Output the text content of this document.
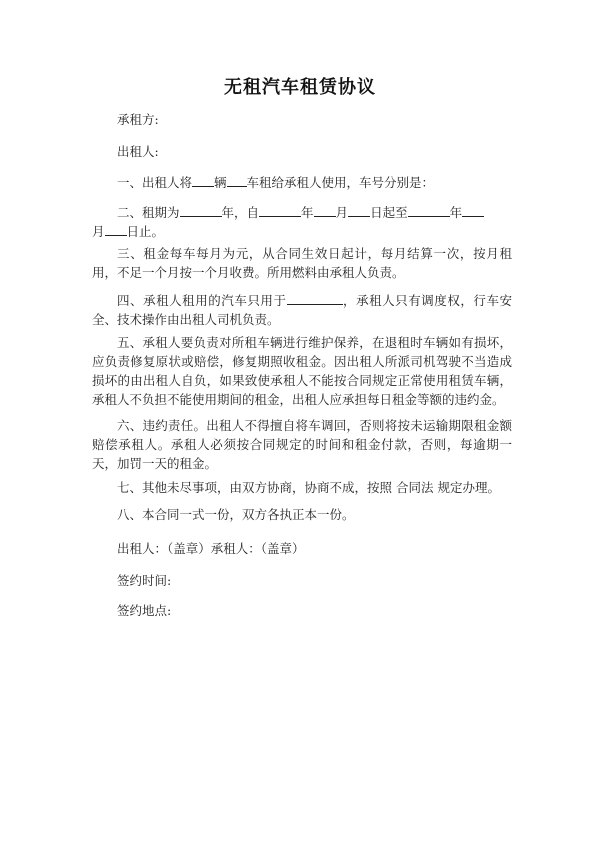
无租汽车租赁协议

承租方:

出租人:

一、出租人将 辆 车租给承租人使用，车号分别是：

二、租期为	年，自	年 月 日起至	年
月 日止。

三、租金每车每月为元，从合同生效日起计，每月结算一次，按月租用，不足一个月按一个月收费。所用燃料由承租人负责。

四、承租人租用的汽车只用于	，承租人只有调度权，行车安全、技术操作由出租人司机负责。

五、承租人要负责对所租车辆进行维护保养，在退租时车辆如有损坏，应负责修复原状或赔偿，修复期照收租金。因出租人所派司机驾驶不当造成损坏的由出租人自负，如果致使承租人不能按合同规定正常使用租赁车辆，承租人不负担不能使用期间的租金，出租人应承担每日租金等额的违约金。

六、违约责任。出租人不得擅自将车调回，否则将按未运输期限租金额赔偿承租人。承租人必须按合同规定的时间和租金付款，否则，每逾期一天，加罚一天的租金。

七、其他未尽事项，由双方协商，协商不成，按照 合同法 规定办理。

八、本合同一式一份，双方各执正本一份。

出租人：（盖章）承租人：（盖章）

签约时间:

签约地点:
